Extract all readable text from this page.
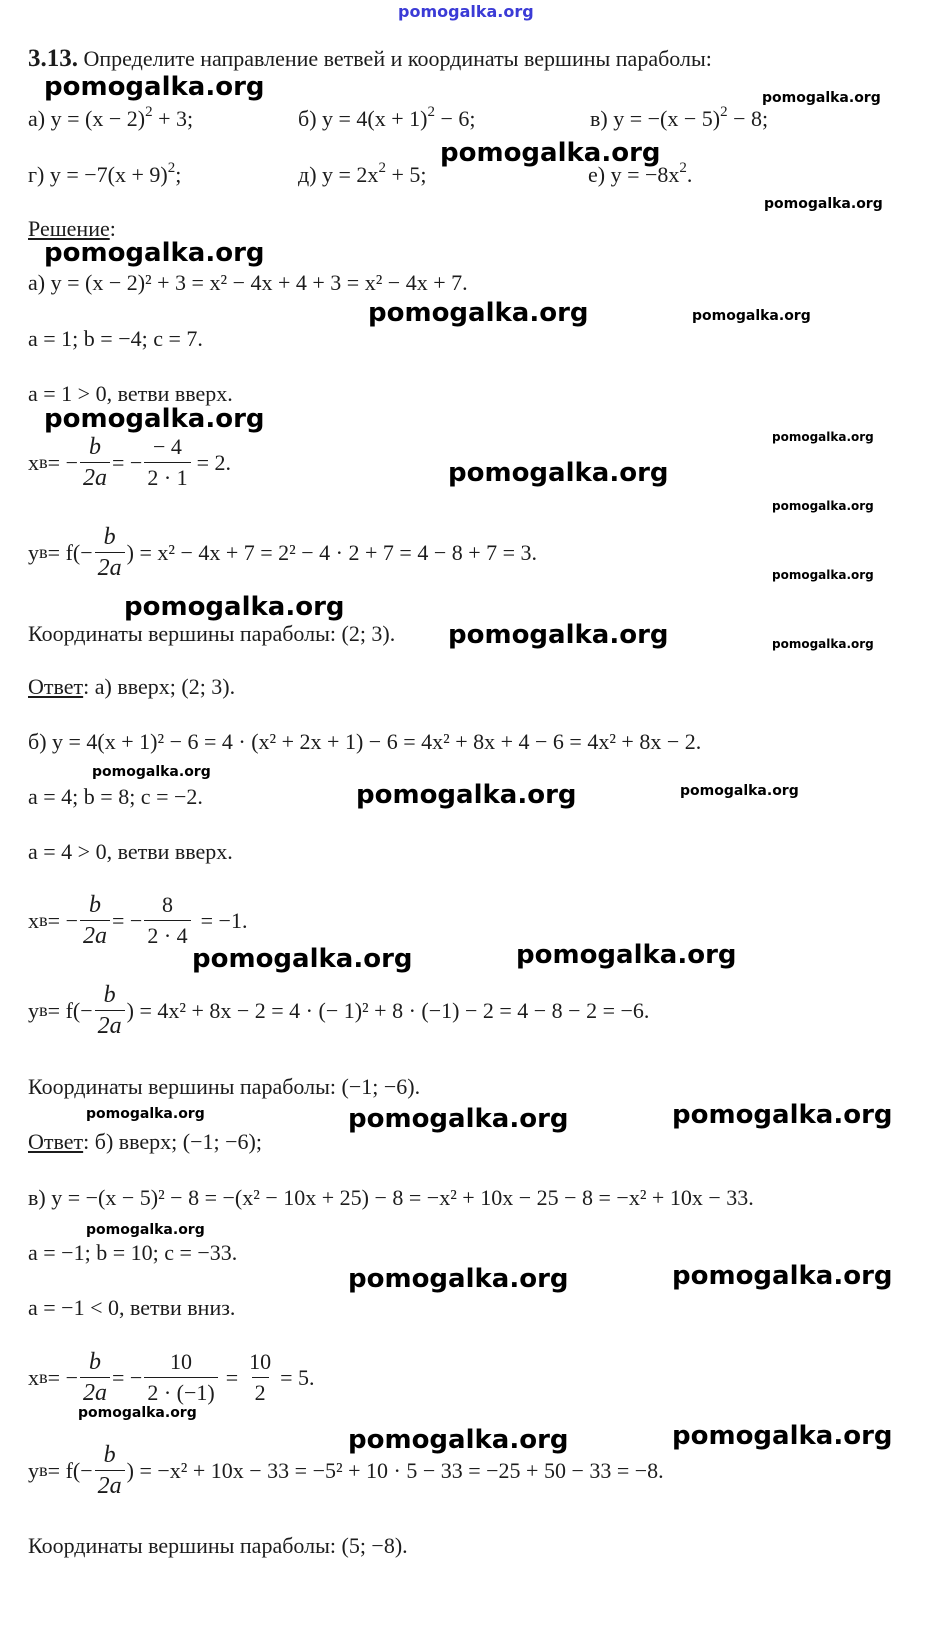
pomogalka.org
3.13. Определите направление ветвей и координаты вершины параболы:
а) $y = (x - 2)^2 + 3$;	б) $y = 4(x + 1)^2 - 6$;	в) $y = -(x - 5)^2 - 8$;
г) $y = -7(x + 9)^2$;	д) $y = 2x^2 + 5$;	е) $y = -8x^2$.
Решение:
а) y = (x − 2)² + 3 = x² − 4x + 4 + 3 = x² − 4x + 7.
a = 1; b = −4; c = 7.
a = 1 > 0, ветви вверх.
x в = − $\frac{b}{2a}$ = − $\frac{- 4}{2 \cdot 1} = 2$.
y $в = f(- \frac{b}{2a}$ ) = x² − 4x + 7 = 2² − 4 · 2 + 7 = 4 − 8 + 7 = 3.
Координаты вершины параболы: (2; 3).
Ответ: а) вверх; (2; 3).
б) y = 4(x + 1)² − 6 = 4 · (x² + 2x + 1) − 6 = 4x² + 8x + 4 − 6 = 4x² + 8x − 2.
a = 4; b = 8; c = −2.
a = 4 > 0, ветви вверх.
x в = − $\frac{b}{2a}$ = − $\frac{8}{2 \cdot 4} = -1$.
y $в = f(- \frac{b}{2a}$ ) = 4x² + 8x − 2 = 4 · (− 1)² + 8 · (−1) − 2 = 4 − 8 − 2 = −6.
Координаты вершины параболы: (−1; −6).
Ответ: б) вверх; (−1; −6);
в) y = −(x − 5)² − 8 = −(x² − 10x + 25) − 8 = −x² + 10x − 25 − 8 = −x² + 10x − 33.
a = −1; b = 10; c = −33.
a = −1 < 0, ветви вниз.
x в = − $\frac{b}{2a}$ = − $\frac{10}{2 \cdot (-1)} = \frac{10}{2} = 5$.
y $в = f(- \frac{b}{2a}$ ) = −x² + 10x − 33 = −5² + 10 · 5 − 33 = −25 + 50 − 33 = −8.
Координаты вершины параболы: (5; −8).
pomogalka.org	pomogalka.org
pomogalka.org
pomogalka.org
pomogalka.org
pomogalka.org	pomogalka.org
pomogalka.org
pomogalka.org
pomogalka.org
pomogalka.org
pomogalka.org
pomogalka.org
pomogalka.org	pomogalka.org
pomogalka.org
pomogalka.org	pomogalka.org
pomogalka.org	pomogalka.org
pomogalka.org	pomogalka.org	pomogalka.org
pomogalka.org
pomogalka.org	pomogalka.org
pomogalka.org
pomogalka.org	pomogalka.org
